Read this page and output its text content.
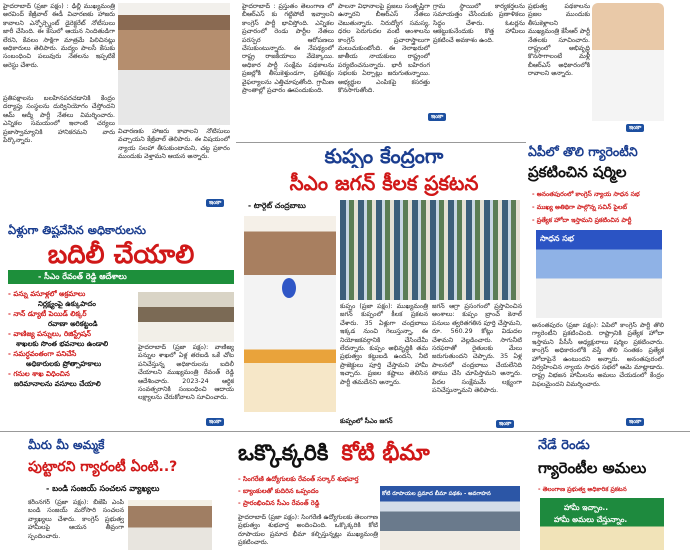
హైదరాబాద్ (ప్రజా పక్షం) : ఢిల్లీ ముఖ్యమంత్రి అరవింద్ కేజ్రీవాల్ ఈడీ విచారణకు హాజరు కావాలని ఎన్ఫోర్స్మెంట్ డైరెక్టరేట్ నోటీసులు జారీ చేసింది. ఈ కేసులో ఆయన నిందితుడిగా లేరని, కేవలం సాక్షిగా మాత్రమే పిలిచినట్లు అధికారులు తెలిపారు. మద్యం పాలసీ కేసుకు సంబంధించి పలువురు నేతలను ఇప్పటికే అరెస్టు చేశారు.
ప్రతిపక్షాలను బలహీనపరచడానికి కేంద్రం దర్యాప్తు సంస్థలను దుర్వినియోగం చేస్తోందని ఆమ్ ఆద్మీ పార్టీ నేతలు విమర్శించారు. ఎన్నికల సమయంలో ఇలాంటి చర్యలు ప్రజాస్వామ్యానికి హానికరమని వారు పేర్కొన్నారు.
విచారణకు హాజరు కావాలని నోటీసులు వచ్చాయని కేజ్రీవాల్ తెలిపారు. ఈ విషయంలో న్యాయ సలహా తీసుకుంటామని, చట్ట ప్రకారం ముందుకు వెళ్తామని ఆయన అన్నారు.
ఇంకా
హైదరాబాద్ : ప్రస్తుతం తెలంగాణ లో బీఆర్ఎస్ కు గట్టిపోటీ ఇవ్వాలని కాంగ్రెస్ పార్టీ భావిస్తోంది. ఎన్నికల ప్రచారంలో రెండు పార్టీల నేతలు పరస్పర ఆరోపణలు చేసుకుంటున్నారు. ఈ నేపథ్యంలో రాష్ట్ర రాజకీయాలు వేడెక్కాయి. అధికార పార్టీ సంక్షేమ పథకాలను ప్రజల్లోకి తీసుకెళ్తుండగా, ప్రతిపక్షం వైఫల్యాలను ఎత్తిచూపుతోంది. గ్రామీణ ప్రాంతాల్లో ప్రచారం ఊపందుకుంది.
పాలనా విధానాలపై ప్రజలు సంతృప్తిగా ఉన్నారని బీఆర్ఎస్ నేతలు చెబుతున్నారు. నిరుద్యోగ సమస్య, ధరల పెరుగుదల వంటి అంశాలను కాంగ్రెస్ ప్రచారాస్త్రాలుగా మలుచుకుంటోంది. ఈ నెలాఖరులో జాతీయ నాయకులు రాష్ట్రంలో పర్యటించనున్నారు. భారీ బహిరంగ సభలకు ఏర్పాట్లు జరుగుతున్నాయి. అభ్యర్థుల ఎంపికపై కసరత్తు కొనసాగుతోంది.
గ్రామ స్థాయిలో కార్యకర్తలను సమాయత్తం చేసేందుకు ప్రణాళికలు సిద్ధం చేశారు. ఓటర్లను ఆకట్టుకునేందుకు కొత్త హామీలు ప్రకటించే అవకాశం ఉంది.
ప్రభుత్వ పథకాలను ప్రజల ముందుకు తీసుకెళ్లాలని ముఖ్యమంత్రి కేసీఆర్ పార్టీ నేతలకు సూచించారు. రాష్ట్రంలో అభివృద్ధి కొనసాగాలంటే మళ్లీ బీఆర్ఎస్ అధికారంలోకి రావాలని అన్నారు.
ఇంకా
ఇంకా
కుప్పం కేంద్రంగా
సీఎం జగన్ కీలక ప్రకటన
- టార్గెట్ చంద్రబాబు
కుప్పం (ప్రజా పక్షం): ముఖ్యమంత్రి జగన్ కుప్పంలో కీలక ప్రకటన చేశారు. 35 ఏళ్లుగా చంద్రబాబు ఇక్కడ నుంచి గెలుస్తున్నా, ఈ నియోజకవర్గానికి చేసిందేమీ లేదన్నారు. కుప్పం అభివృద్ధికి తమ ప్రభుత్వం కట్టుబడి ఉందని, నీటి ప్రాజెక్టులు పూర్తి చేస్తామని హామీ ఇచ్చారు. ప్రజల కష్టాలు తెలిసిన పార్టీ తమదేనని అన్నారు.
జగన్ ఆగ్రా ప్రసంగంలో ప్రస్తావించిన అంశాలు: కుప్పం బ్రాంచ్ కెనాల్ పనులు త్వరితగతిన పూర్తి చేస్తామని, రూ. 560.29 కోట్లు విడుదల చేశామని వెల్లడించారు. సాగునీటి సరఫరాతో రైతులకు మేలు జరుగుతుందని చెప్పారు. 35 ఏళ్ల పాలనలో చంద్రబాబు చేయలేనిది తాము చేసి చూపిస్తామని అన్నారు. పేదల సంక్షేమమే లక్ష్యంగా పనిచేస్తున్నామని తెలిపారు.
కుప్పంలో సీఎం జగన్	ఇంకా
ఏపీలో తొలి గ్యారెంటీని
ప్రకటించిన షర్మిల
- అనంతపురంలో కాంగ్రెస్ న్యాయ సాధన సభ
- ముఖ్య అతిథిగా పాల్గొన్న సచిన్ పైలట్
- ప్రత్యేక హోదా ఇస్తామని ప్రకటించిన పార్టీ
సాధన సభ
అనంతపురం (ప్రజా పక్షం): ఏపీలో కాంగ్రెస్ పార్టీ తొలి గ్యారెంటీని ప్రకటించింది. రాష్ట్రానికి ప్రత్యేక హోదా ఇస్తామని పీసీసీ అధ్యక్షురాలు షర్మిల ప్రకటించారు. కాంగ్రెస్ అధికారంలోకి వస్తే తొలి సంతకం ప్రత్యేక హోదాపైనే ఉంటుందని అన్నారు. అనంతపురంలో నిర్వహించిన న్యాయ సాధన సభలో ఆమె మాట్లాడారు. రాష్ట్ర విభజన హామీలను అమలు చేయడంలో కేంద్రం విఫలమైందని విమర్శించారు.
ఇంకా
ఏళ్లుగా తిష్టవేసిన అధికారులను
బదిలీ చేయాలి
- సీఎం రేవంత్ రెడ్డి ఆదేశాలు
- పన్ను వసూళ్లలో అక్రమాలు
నిర్లక్ష్యంపై ఉక్కుపాదం
- నాన్ డ్యూటీ పెయిడ్ లిక్కర్
రవాణా అరికట్టండి
- వాణిజ్య పన్నులు, రిజిస్ట్రేషన్
శాఖలకు సొంత భవనాలు ఉండాలి
- సమర్ధవంతంగా పనిచేసే
అధికారులకు ప్రోత్సాహకాలు
- గనుల శాఖ విధించిన
జరిమానాలను వసూలు చేయాలి
హైదరాబాద్ (ప్రజా పక్షం): వాణిజ్య పన్నుల శాఖలో ఏళ్ల తరబడి ఒకే చోట పనిచేస్తున్న అధికారులను బదిలీ చేయాలని ముఖ్యమంత్రి రేవంత్ రెడ్డి ఆదేశించారు. 2023-24 ఆర్థిక సంవత్సరానికి సంబంధించి ఆదాయ లక్ష్యాలను చేరుకోవాలని సూచించారు.
ఇంకా
మీరు మీ అమ్మకే
పుట్టారని గ్యారంటీ ఏంటి..?
- బండి సంజయ్ సంచలన వ్యాఖ్యలు
కరీంనగర్ (ప్రజా పక్షం): బీజేపీ ఎంపీ బండి సంజయ్ మరోసారి సంచలన వ్యాఖ్యలు చేశారు. కాంగ్రెస్ ప్రభుత్వ హామీలపై ఆయన తీవ్రంగా స్పందించారు.
ఒక్కొక్కరికి కోటి భీమా
- సింగరేణి ఉద్యోగులకు రేవంత్ సర్కార్ శుభవార్త
- బ్యాంకులతో కుదిరిన ఒప్పందం
- ప్రారంభించిన సీఎం రేవంత్ రెడ్డి
హైదరాబాద్ (ప్రజా పక్షం): సింగరేణి ఉద్యోగులకు తెలంగాణ ప్రభుత్వం శుభవార్త అందించింది. ఒక్కొక్కరికి కోటి రూపాయల ప్రమాద భీమా కల్పిస్తున్నట్లు ముఖ్యమంత్రి ప్రకటించారు.
కోటి రూపాయల ప్రమాద బీమా పథకం - అవగాహన
నేడే రెండు
గ్యారెంటీల అమలు
- తెలంగాణ ప్రభుత్వ అధికారిక ప్రకటన
హామీ ఇచ్చాం..
హామీ అమలు చేస్తున్నాం.
